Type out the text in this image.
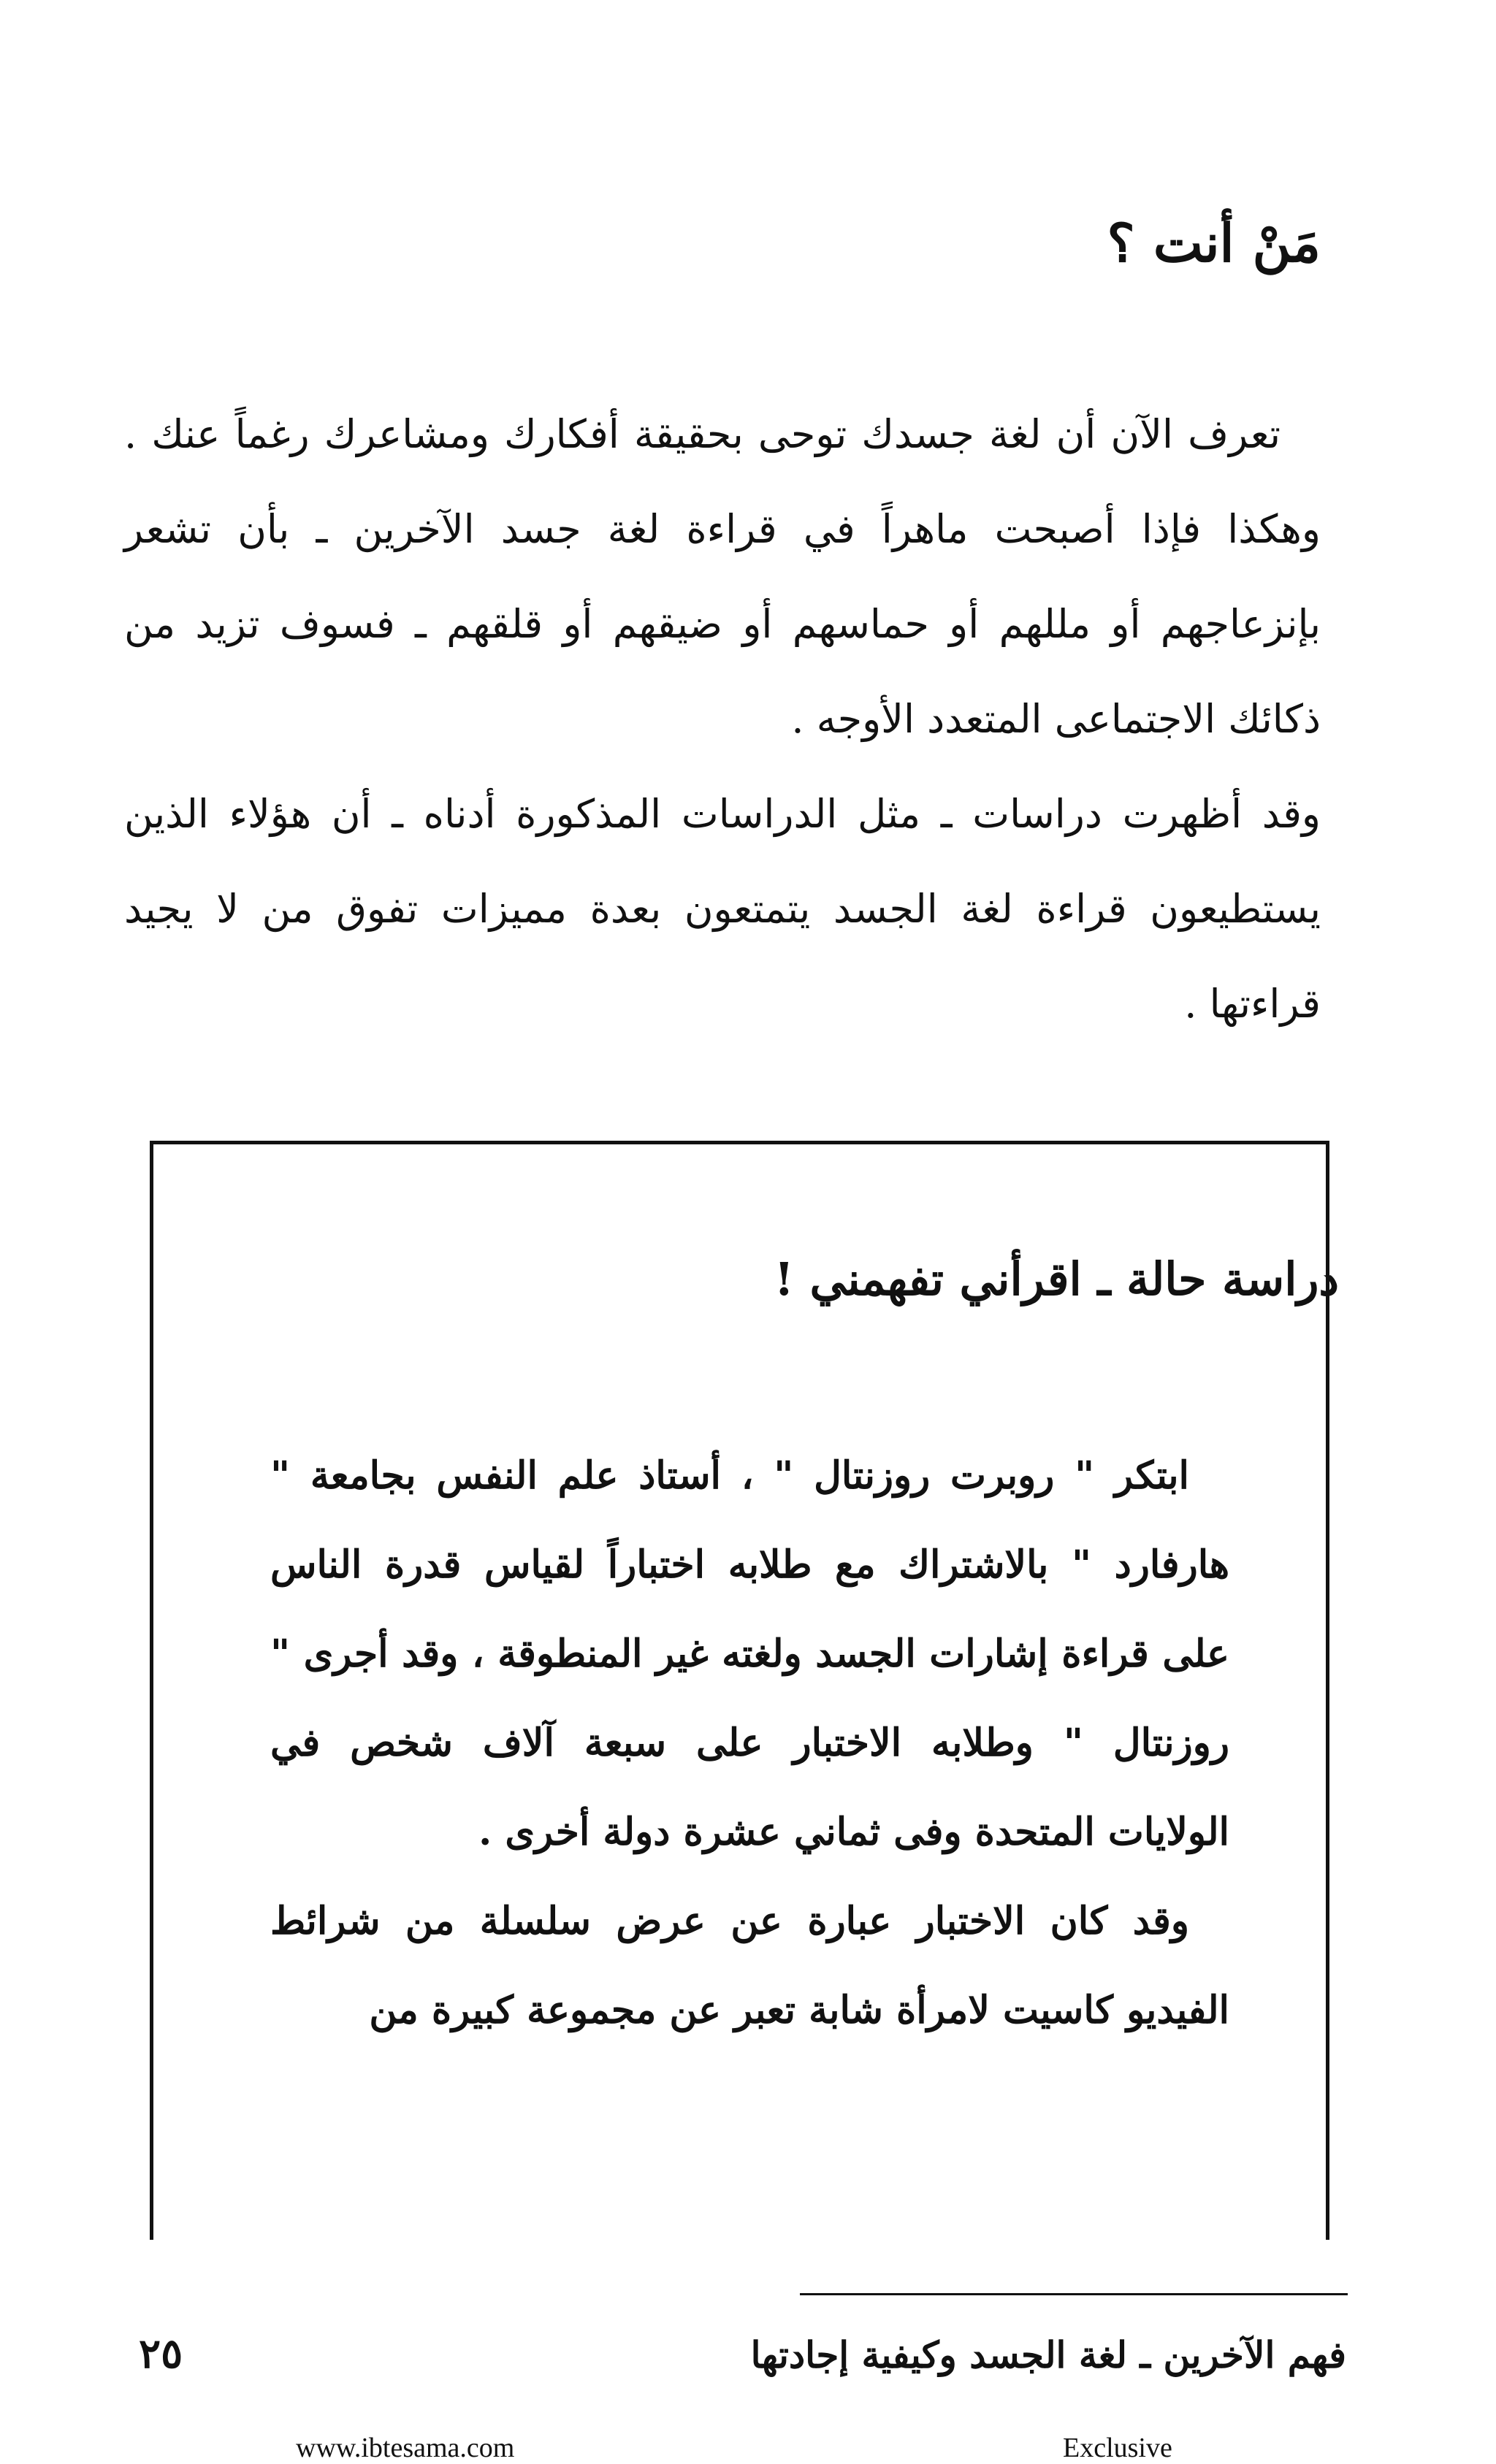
مَنْ أنت ؟

تعرف الآن أن لغة جسدك توحى بحقيقة أفكارك ومشاعرك رغماً عنك . وهكذا فإذا أصبحت ماهراً في قراءة لغة جسد الآخرين ـ بأن تشعر بإنزعاجهم أو مللهم أو حماسهم أو ضيقهم أو قلقهم ـ فسوف تزيد من ذكائك الاجتماعى المتعدد الأوجه .

وقد أظهرت دراسات ـ مثل الدراسات المذكورة أدناه ـ أن هؤلاء الذين يستطيعون قراءة لغة الجسد يتمتعون بعدة مميزات تفوق من لا يجيد قراءتها .

دراسة حالة ـ اقرأني تفهمني !

ابتكر " روبرت روزنتال " ، أستاذ علم النفس بجامعة " هارفارد " بالاشتراك مع طلابه اختباراً لقياس قدرة الناس على قراءة إشارات الجسد ولغته غير المنطوقة ، وقد أجرى " روزنتال " وطلابه الاختبار على سبعة آلاف شخص في الولايات المتحدة وفى ثماني عشرة دولة أخرى .

وقد كان الاختبار عبارة عن عرض سلسلة من شرائط الفيديو كاسيت لامرأة شابة تعبر عن مجموعة كبيرة من

فهم الآخرين ـ لغة الجسد وكيفية إجادتها
٢٥
www.ibtesama.com	Exclusive
